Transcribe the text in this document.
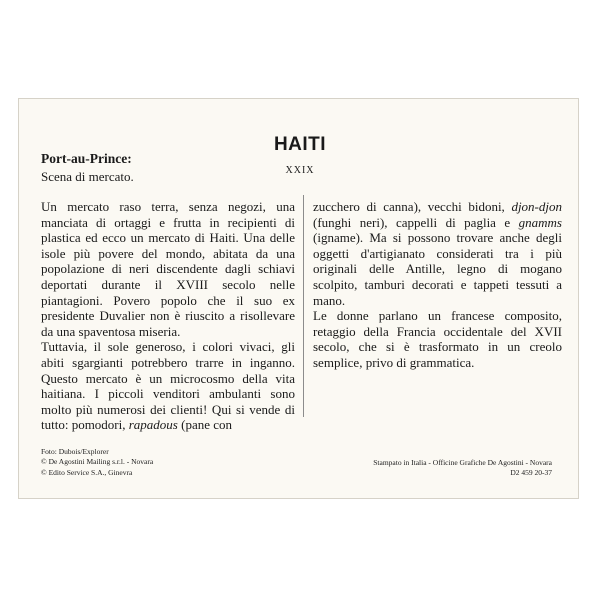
HAITI
XXIX
Port-au-Prince:
Scena di mercato.

Un mercato raso terra, senza negozi, una manciata di ortaggi e frutta in recipienti di plastica ed ecco un mercato di Haiti. Una delle isole più povere del mondo, abitata da una popolazione di neri discendente dagli schiavi deportati durante il XVIII secolo nelle piantagioni. Povero popolo che il suo ex presidente Duvalier non è riuscito a risollevare da una spaventosa miseria.

Tuttavia, il sole generoso, i colori vivaci, gli abiti sgargianti potrebbero trarre in inganno. Questo mercato è un microcosmo della vita haitiana. I piccoli venditori ambulanti sono molto più numerosi dei clienti! Qui si vende di tutto: pomodori, rapadous (pane con

zucchero di canna), vecchi bidoni, djon-djon (funghi neri), cappelli di paglia e gnamms (igname). Ma si possono trovare anche degli oggetti d'artigianato considerati tra i più originali delle Antille, legno di mogano scolpito, tamburi decorati e tappeti tessuti a mano.

Le donne parlano un francese composito, retaggio della Francia occidentale del XVII secolo, che si è trasformato in un creolo semplice, privo di grammatica.

Foto: Dubois/Explorer
© De Agostini Mailing s.r.l. - Novara
© Edito Service S.A., Ginevra
Stampato in Italia - Officine Grafiche De Agostini - Novara
D2 459 20-37
